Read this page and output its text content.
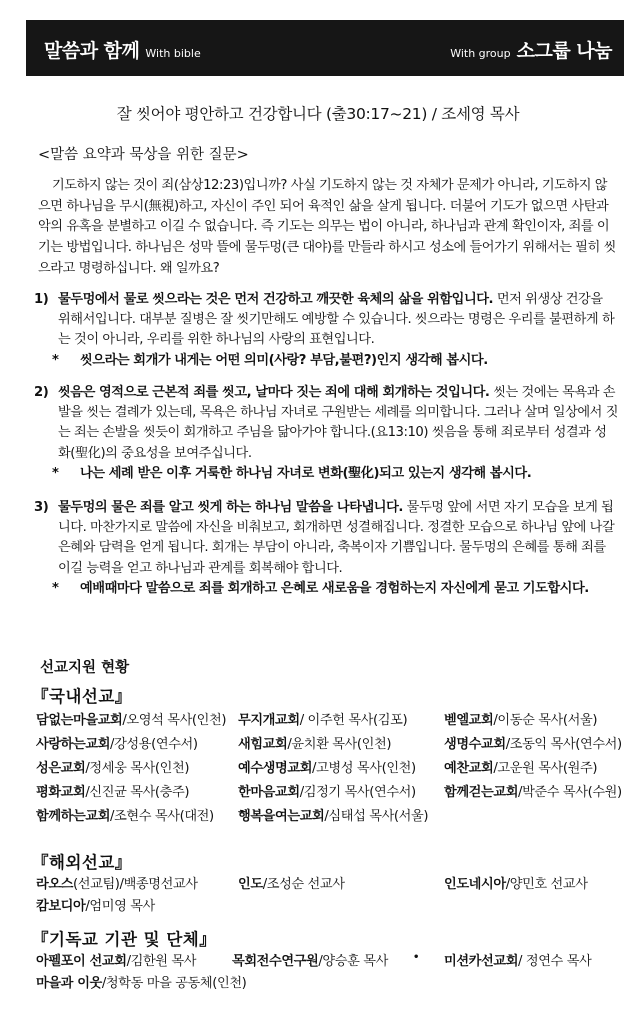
말씀과 함께 With bible	With group 소그룹 나눔
잘 씻어야 평안하고 건강합니다 (출30:17~21) / 조세영 목사
<말씀 요약과 묵상을 위한 질문>

기도하지 않는 것이 죄(삼상12:23)입니까? 사실 기도하지 않는 것 자체가 문제가 아니라, 기도하지 않으면 하나님을 무시(無視)하고, 자신이 주인 되어 육적인 삶을 살게 됩니다. 더불어 기도가 없으면 사탄과 악의 유혹을 분별하고 이길 수 없습니다. 즉 기도는 의무는 법이 아니라, 하나님과 관계 확인이자, 죄를 이기는 방법입니다. 하나님은 성막 뜰에 물두멍(큰 대야)를 만들라 하시고 성소에 들어가기 위해서는 필히 씻으라고 명령하십니다. 왜 일까요?

1) 물두멍에서 물로 씻으라는 것은 먼저 건강하고 깨끗한 육체의 삶을 위함입니다. 먼저 위생상 건강을 위해서입니다. 대부분 질병은 잘 씻기만해도 예방할 수 있습니다. 씻으라는 명령은 우리를 불편하게 하는 것이 아니라, 우리를 위한 하나님의 사랑의 표현입니다.
* 씻으라는 회개가 내게는 어떤 의미(사랑? 부담,불편?)인지 생각해 봅시다.
2) 씻음은 영적으로 근본적 죄를 씻고, 날마다 짓는 죄에 대해 회개하는 것입니다. 씻는 것에는 목욕과 손발을 씻는 결례가 있는데, 목욕은 하나님 자녀로 구원받는 세례를 의미합니다. 그러나 살며 일상에서 짓는 죄는 손발을 씻듯이 회개하고 주님을 닮아가야 합니다.(요13:10) 씻음을 통해 죄로부터 성결과 성화(聖化)의 중요성을 보여주십니다.
* 나는 세례 받은 이후 거룩한 하나님 자녀로 변화(聖化)되고 있는지 생각해 봅시다.
3) 물두멍의 물은 죄를 알고 씻게 하는 하나님 말씀을 나타냅니다. 물두멍 앞에 서면 자기 모습을 보게 됩니다. 마찬가지로 말씀에 자신을 비춰보고, 회개하면 성결해집니다. 정결한 모습으로 하나님 앞에 나갈 은혜와 담력을 얻게 됩니다. 회개는 부담이 아니라, 축복이자 기쁨입니다. 물두멍의 은혜를 통해 죄를 이길 능력을 얻고 하나님과 관계를 회복해야 합니다.
* 예배때마다 말씀으로 죄를 회개하고 은혜로 새로움을 경험하는지 자신에게 묻고 기도합시다.
선교지원 현황
『국내선교』
담없는마을교회/오영석 목사(인천) 무지개교회/ 이주헌 목사(김포)	벧엘교회/이동순 목사(서울)
사랑하는교회/강성용(연수서)	새힘교회/윤치환 목사(인천)	생명수교회/조동익 목사(연수서)
성은교회/정세웅 목사(인천)	예수생명교회/고병성 목사(인천) 예찬교회/고운원 목사(원주)
평화교회/신진균 목사(충주)	한마음교회/김정기 목사(연수서) 함께걷는교회/박준수 목사(수원)
함께하는교회/조현수 목사(대전) 행복을여는교회/심태섭 목사(서울)
『해외선교』
라오스(선교팀)/백종명선교사	인도/조성순 선교사	인도네시아/양민호 선교사
캄보디아/엄미영 목사
『기독교 기관 및 단체』
아펠포이 선교회/김한원 목사	목회전수연구원/양승훈 목사	• 미션카선교회/ 정연수 목사
마을과 이웃/청학동 마을 공동체(인천)
